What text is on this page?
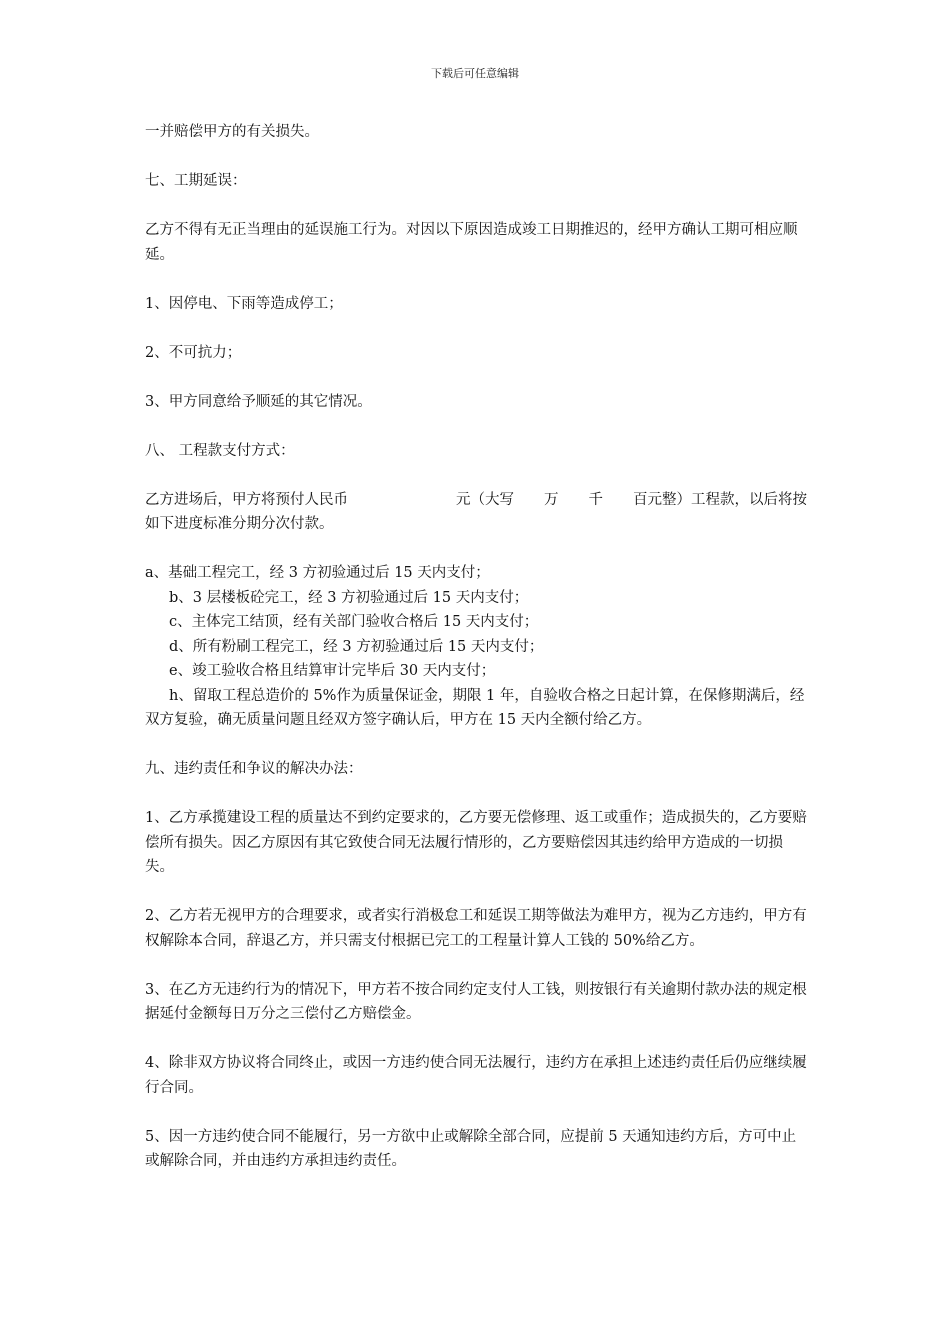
下载后可任意编辑

一并赔偿甲方的有关损失。

七、工期延误：

乙方不得有无正当理由的延误施工行为。对因以下原因造成竣工日期推迟的，经甲方确认工期可相应顺延。

1、因停电、下雨等造成停工；

2、不可抗力；

3、甲方同意给予顺延的其它情况。

八、 工程款支付方式：

乙方进场后，甲方将预付人民币	元（大写 万 千 百元整）工程款，以后将按如下进度标准分期分次付款。

a、基础工程完工，经 3 方初验通过后 15 天内支付；

b、3 层楼板砼完工，经 3 方初验通过后 15 天内支付；

c、主体完工结顶，经有关部门验收合格后 15 天内支付；

d、所有粉刷工程完工，经 3 方初验通过后 15 天内支付；

e、竣工验收合格且结算审计完毕后 30 天内支付；

h、留取工程总造价的 5%作为质量保证金，期限 1 年，自验收合格之日起计算，在保修期满后，经双方复验，确无质量问题且经双方签字确认后，甲方在 15 天内全额付给乙方。

九、违约责任和争议的解决办法：

1、乙方承揽建设工程的质量达不到约定要求的，乙方要无偿修理、返工或重作；造成损失的，乙方要赔偿所有损失。因乙方原因有其它致使合同无法履行情形的，乙方要赔偿因其违约给甲方造成的一切损失。

2、乙方若无视甲方的合理要求，或者实行消极怠工和延误工期等做法为难甲方，视为乙方违约，甲方有权解除本合同，辞退乙方，并只需支付根据已完工的工程量计算人工钱的 50%给乙方。

3、在乙方无违约行为的情况下，甲方若不按合同约定支付人工钱，则按银行有关逾期付款办法的规定根据延付金额每日万分之三偿付乙方赔偿金。

4、除非双方协议将合同终止，或因一方违约使合同无法履行，违约方在承担上述违约责任后仍应继续履行合同。

5、因一方违约使合同不能履行，另一方欲中止或解除全部合同，应提前 5 天通知违约方后，方可中止或解除合同，并由违约方承担违约责任。
